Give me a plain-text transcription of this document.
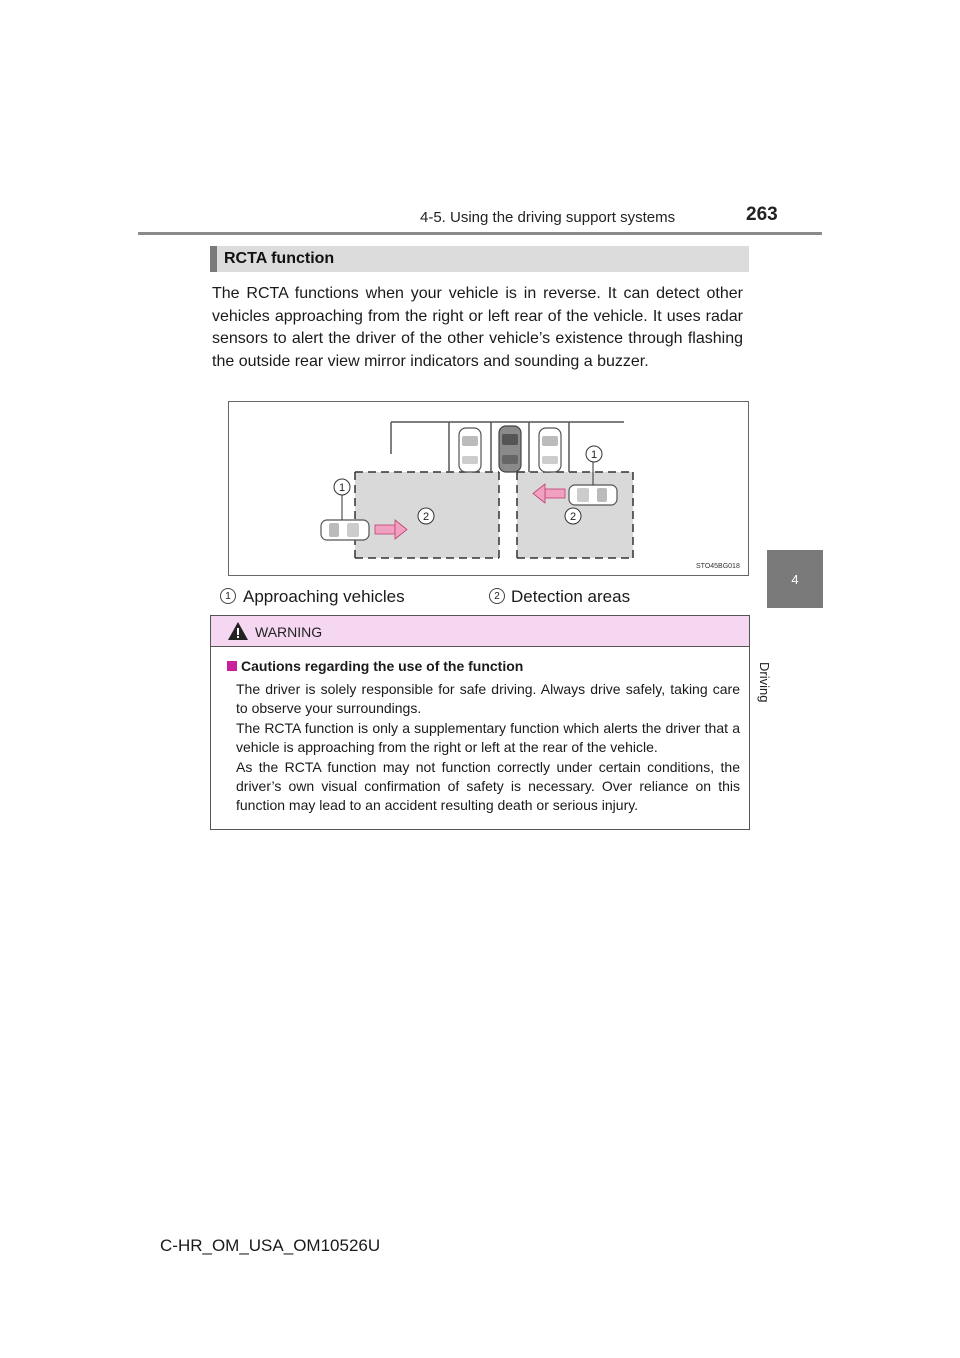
4-5. Using the driving support systems	263
4
Driving
RCTA function
The RCTA functions when your vehicle is in reverse. It can detect other vehicles approaching from the right or left rear of the vehicle. It uses radar sensors to alert the driver of the other vehicle’s existence through flashing the outside rear view mirror indicators and sounding a buzzer.
1
1
2	2
STO45BG018
1 Approaching vehicles	2 Detection areas
WARNING
Cautions regarding the use of the function
The driver is solely responsible for safe driving. Always drive safely, taking care to observe your surroundings.
The RCTA function is only a supplementary function which alerts the driver that a vehicle is approaching from the right or left at the rear of the vehicle.
As the RCTA function may not function correctly under certain conditions, the driver’s own visual confirmation of safety is necessary. Over reliance on this function may lead to an accident resulting death or serious injury.
C-HR_OM_USA_OM10526U
